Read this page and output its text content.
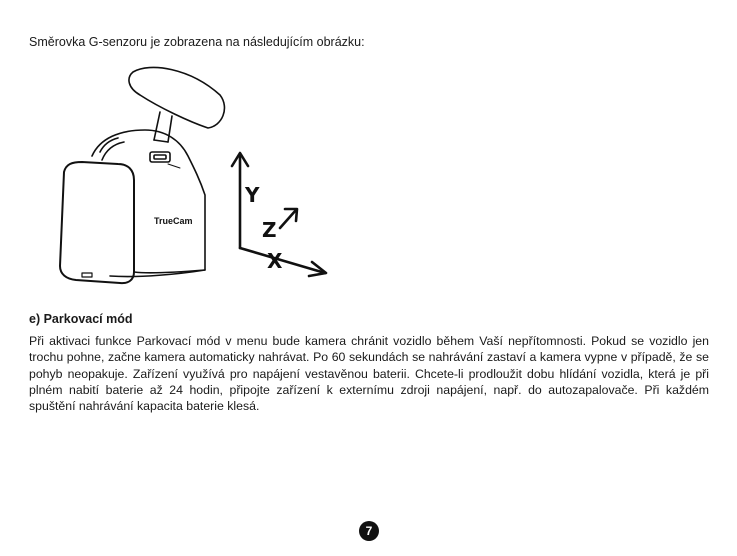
Směrovka G-senzoru je zobrazena na následujícím obrázku:

TrueCam
Y
Z
X
e) Parkovací mód

Při aktivaci funkce Parkovací mód v menu bude kamera chránit vozidlo během Vaší nepřítomnosti. Pokud se vozidlo jen trochu pohne, začne kamera automaticky nahrávat. Po 60 sekundách se nahrávání zastaví a kamera vypne v případě, že se pohyb neopakuje. Zařízení využívá pro napájení vestavěnou baterii. Chcete-li prodloužit dobu hlídání vozidla, která je při plném nabití baterie až 24 hodin, připojte zařízení k externímu zdroji napájení, např. do autozapalovače. Při každém spuštění nahrávání kapacita baterie klesá.

7
